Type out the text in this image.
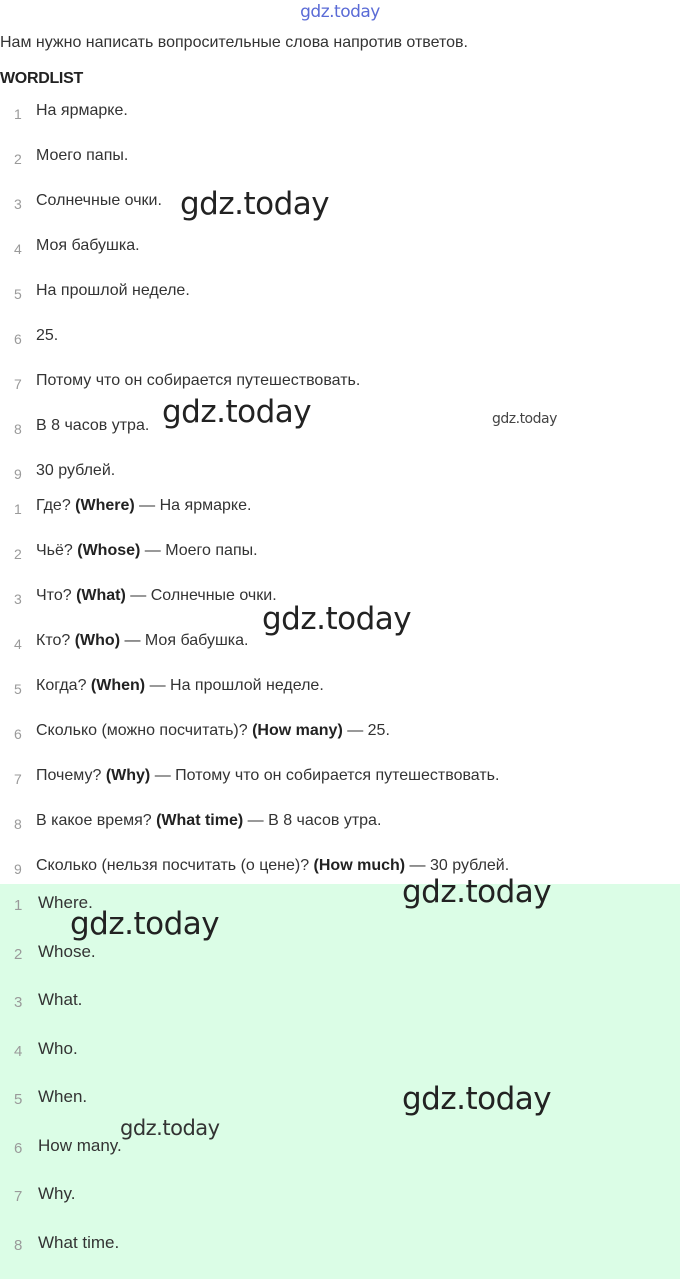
gdz.today
Нам нужно написать вопросительные слова напротив ответов.
WORDLIST
1 На ярмарке.
2 Моего папы.
3 Солнечные очки.
4 Моя бабушка.
5 На прошлой неделе.
6 25.
7 Потому что он собирается путешествовать.
8 В 8 часов утра.
9 30 рублей.
1 Где? (Where) — На ярмарке.
2 Чьё? (Whose) — Моего папы.
3 Что? (What) — Солнечные очки.
4 Кто? (Who) — Моя бабушка.
5 Когда? (When) — На прошлой неделе.
6 Сколько (можно посчитать)? (How many) — 25.
7 Почему? (Why) — Потому что он собирается путешествовать.
8 В какое время? (What time) — В 8 часов утра.
9 Сколько (нельзя посчитать (о цене)? (How much) — 30 рублей.
1 Where.
2 Whose.
3 What.
4 Who.
5 When.
6 How many.
7 Why.
8 What time.
gdz.today
gdz.today	gdz.today
gdz.today
gdz.today
gdz.today
gdz.today
gdz.today
